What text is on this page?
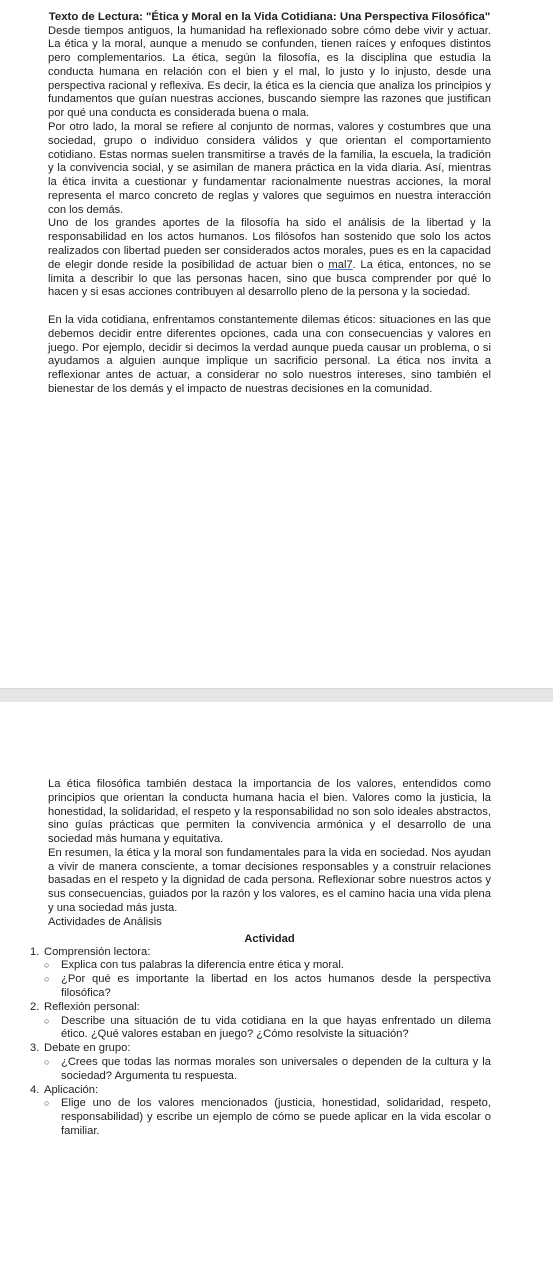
Texto de Lectura: "Ética y Moral en la Vida Cotidiana: Una Perspectiva Filosófica"

Desde tiempos antiguos, la humanidad ha reflexionado sobre cómo debe vivir y actuar. La ética y la moral, aunque a menudo se confunden, tienen raíces y enfoques distintos pero complementarios. La ética, según la filosofía, es la disciplina que estudia la conducta humana en relación con el bien y el mal, lo justo y lo injusto, desde una perspectiva racional y reflexiva. Es decir, la ética es la ciencia que analiza los principios y fundamentos que guían nuestras acciones, buscando siempre las razones que justifican por qué una conducta es considerada buena o mala.

Por otro lado, la moral se refiere al conjunto de normas, valores y costumbres que una sociedad, grupo o individuo considera válidos y que orientan el comportamiento cotidiano. Estas normas suelen transmitirse a través de la familia, la escuela, la tradición y la convivencia social, y se asimilan de manera práctica en la vida diaria. Así, mientras la ética invita a cuestionar y fundamentar racionalmente nuestras acciones, la moral representa el marco concreto de reglas y valores que seguimos en nuestra interacción con los demás.

Uno de los grandes aportes de la filosofía ha sido el análisis de la libertad y la responsabilidad en los actos humanos. Los filósofos han sostenido que solo los actos realizados con libertad pueden ser considerados actos morales, pues es en la capacidad de elegir donde reside la posibilidad de actuar bien o mal7. La ética, entonces, no se limita a describir lo que las personas hacen, sino que busca comprender por qué lo hacen y si esas acciones contribuyen al desarrollo pleno de la persona y la sociedad.

En la vida cotidiana, enfrentamos constantemente dilemas éticos: situaciones en las que debemos decidir entre diferentes opciones, cada una con consecuencias y valores en juego. Por ejemplo, decidir si decimos la verdad aunque pueda causar un problema, o si ayudamos a alguien aunque implique un sacrificio personal. La ética nos invita a reflexionar antes de actuar, a considerar no solo nuestros intereses, sino también el bienestar de los demás y el impacto de nuestras decisiones en la comunidad.

La ética filosófica también destaca la importancia de los valores, entendidos como principios que orientan la conducta humana hacia el bien. Valores como la justicia, la honestidad, la solidaridad, el respeto y la responsabilidad no son solo ideales abstractos, sino guías prácticas que permiten la convivencia armónica y el desarrollo de una sociedad más humana y equitativa.

En resumen, la ética y la moral son fundamentales para la vida en sociedad. Nos ayudan a vivir de manera consciente, a tomar decisiones responsables y a construir relaciones basadas en el respeto y la dignidad de cada persona. Reflexionar sobre nuestros actos y sus consecuencias, guiados por la razón y los valores, es el camino hacia una vida plena y una sociedad más justa.

Actividades de Análisis

Actividad
1. Comprensión lectora:
○ Explica con tus palabras la diferencia entre ética y moral.
○ ¿Por qué es importante la libertad en los actos humanos desde la perspectiva filosófica?
2. Reflexión personal:
○ Describe una situación de tu vida cotidiana en la que hayas enfrentado un dilema ético. ¿Qué valores estaban en juego? ¿Cómo resolviste la situación?
3. Debate en grupo:
○ ¿Crees que todas las normas morales son universales o dependen de la cultura y la sociedad? Argumenta tu respuesta.
4. Aplicación:
○ Elige uno de los valores mencionados (justicia, honestidad, solidaridad, respeto, responsabilidad) y escribe un ejemplo de cómo se puede aplicar en la vida escolar o familiar.
